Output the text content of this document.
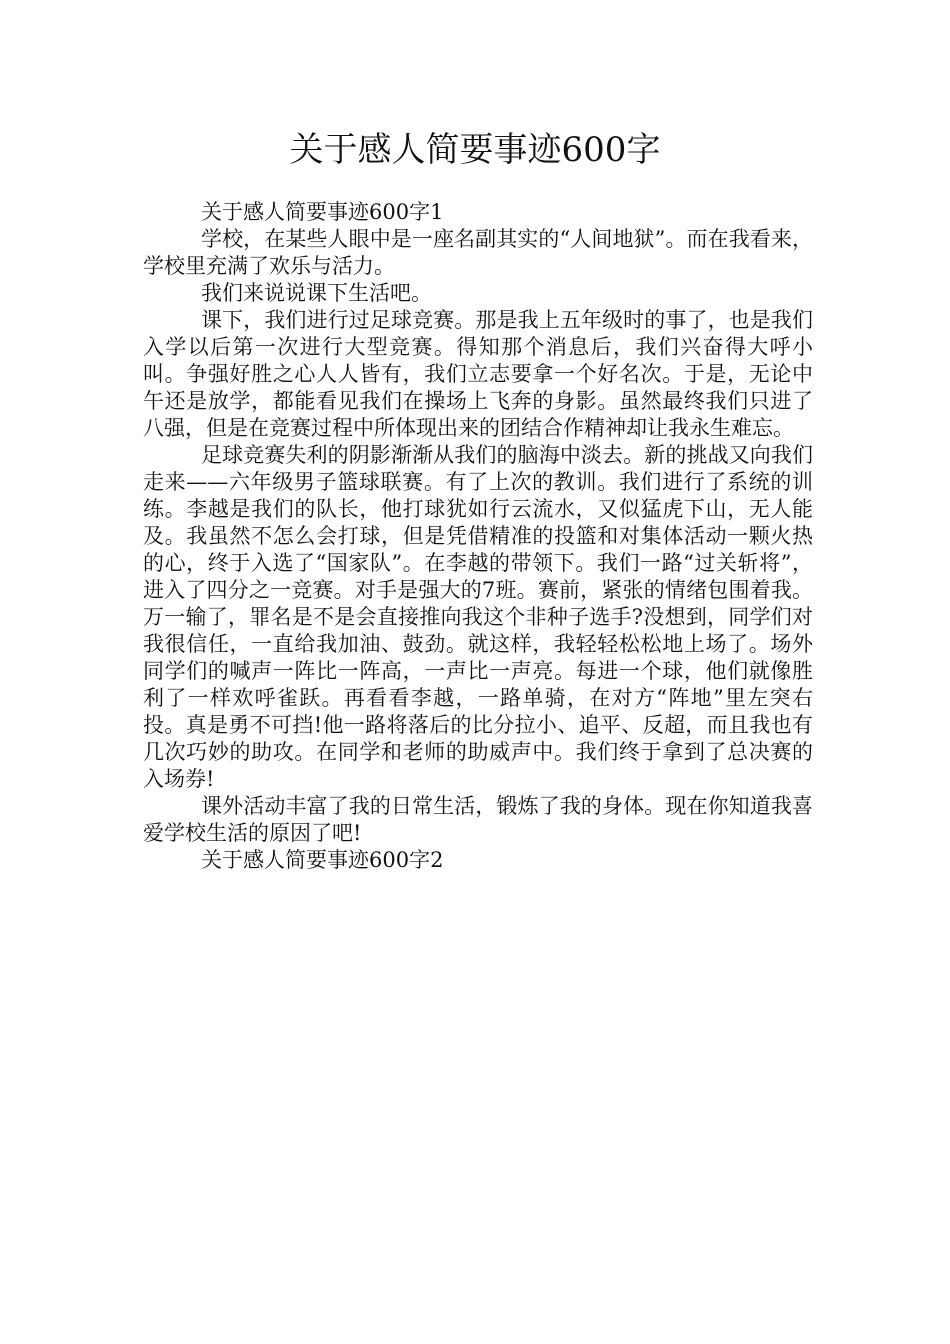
关于感人简要事迹600字

关于感人简要事迹600字1

学校，在某些人眼中是一座名副其实的“人间地狱”。而在我看来，学校里充满了欢乐与活力。

我们来说说课下生活吧。

课下，我们进行过足球竞赛。那是我上五年级时的事了，也是我们入学以后第一次进行大型竞赛。得知那个消息后，我们兴奋得大呼小叫。争强好胜之心人人皆有，我们立志要拿一个好名次。于是，无论中午还是放学，都能看见我们在操场上飞奔的身影。虽然最终我们只进了八强，但是在竞赛过程中所体现出来的团结合作精神却让我永生难忘。

足球竞赛失利的阴影渐渐从我们的脑海中淡去。新的挑战又向我们走来——六年级男子篮球联赛。有了上次的教训。我们进行了系统的训练。李越是我们的队长，他打球犹如行云流水，又似猛虎下山，无人能及。我虽然不怎么会打球，但是凭借精准的投篮和对集体活动一颗火热的心，终于入选了“国家队”。在李越的带领下。我们一路“过关斩将”，进入了四分之一竞赛。对手是强大的7班。赛前，紧张的情绪包围着我。万一输了，罪名是不是会直接推向我这个非种子选手?没想到，同学们对我很信任，一直给我加油、鼓劲。就这样，我轻轻松松地上场了。场外同学们的喊声一阵比一阵高，一声比一声亮。每进一个球，他们就像胜利了一样欢呼雀跃。再看看李越，一路单骑，在对方“阵地”里左突右投。真是勇不可挡!他一路将落后的比分拉小、追平、反超，而且我也有几次巧妙的助攻。在同学和老师的助威声中。我们终于拿到了总决赛的入场券!

课外活动丰富了我的日常生活，锻炼了我的身体。现在你知道我喜爱学校生活的原因了吧!

关于感人简要事迹600字2
